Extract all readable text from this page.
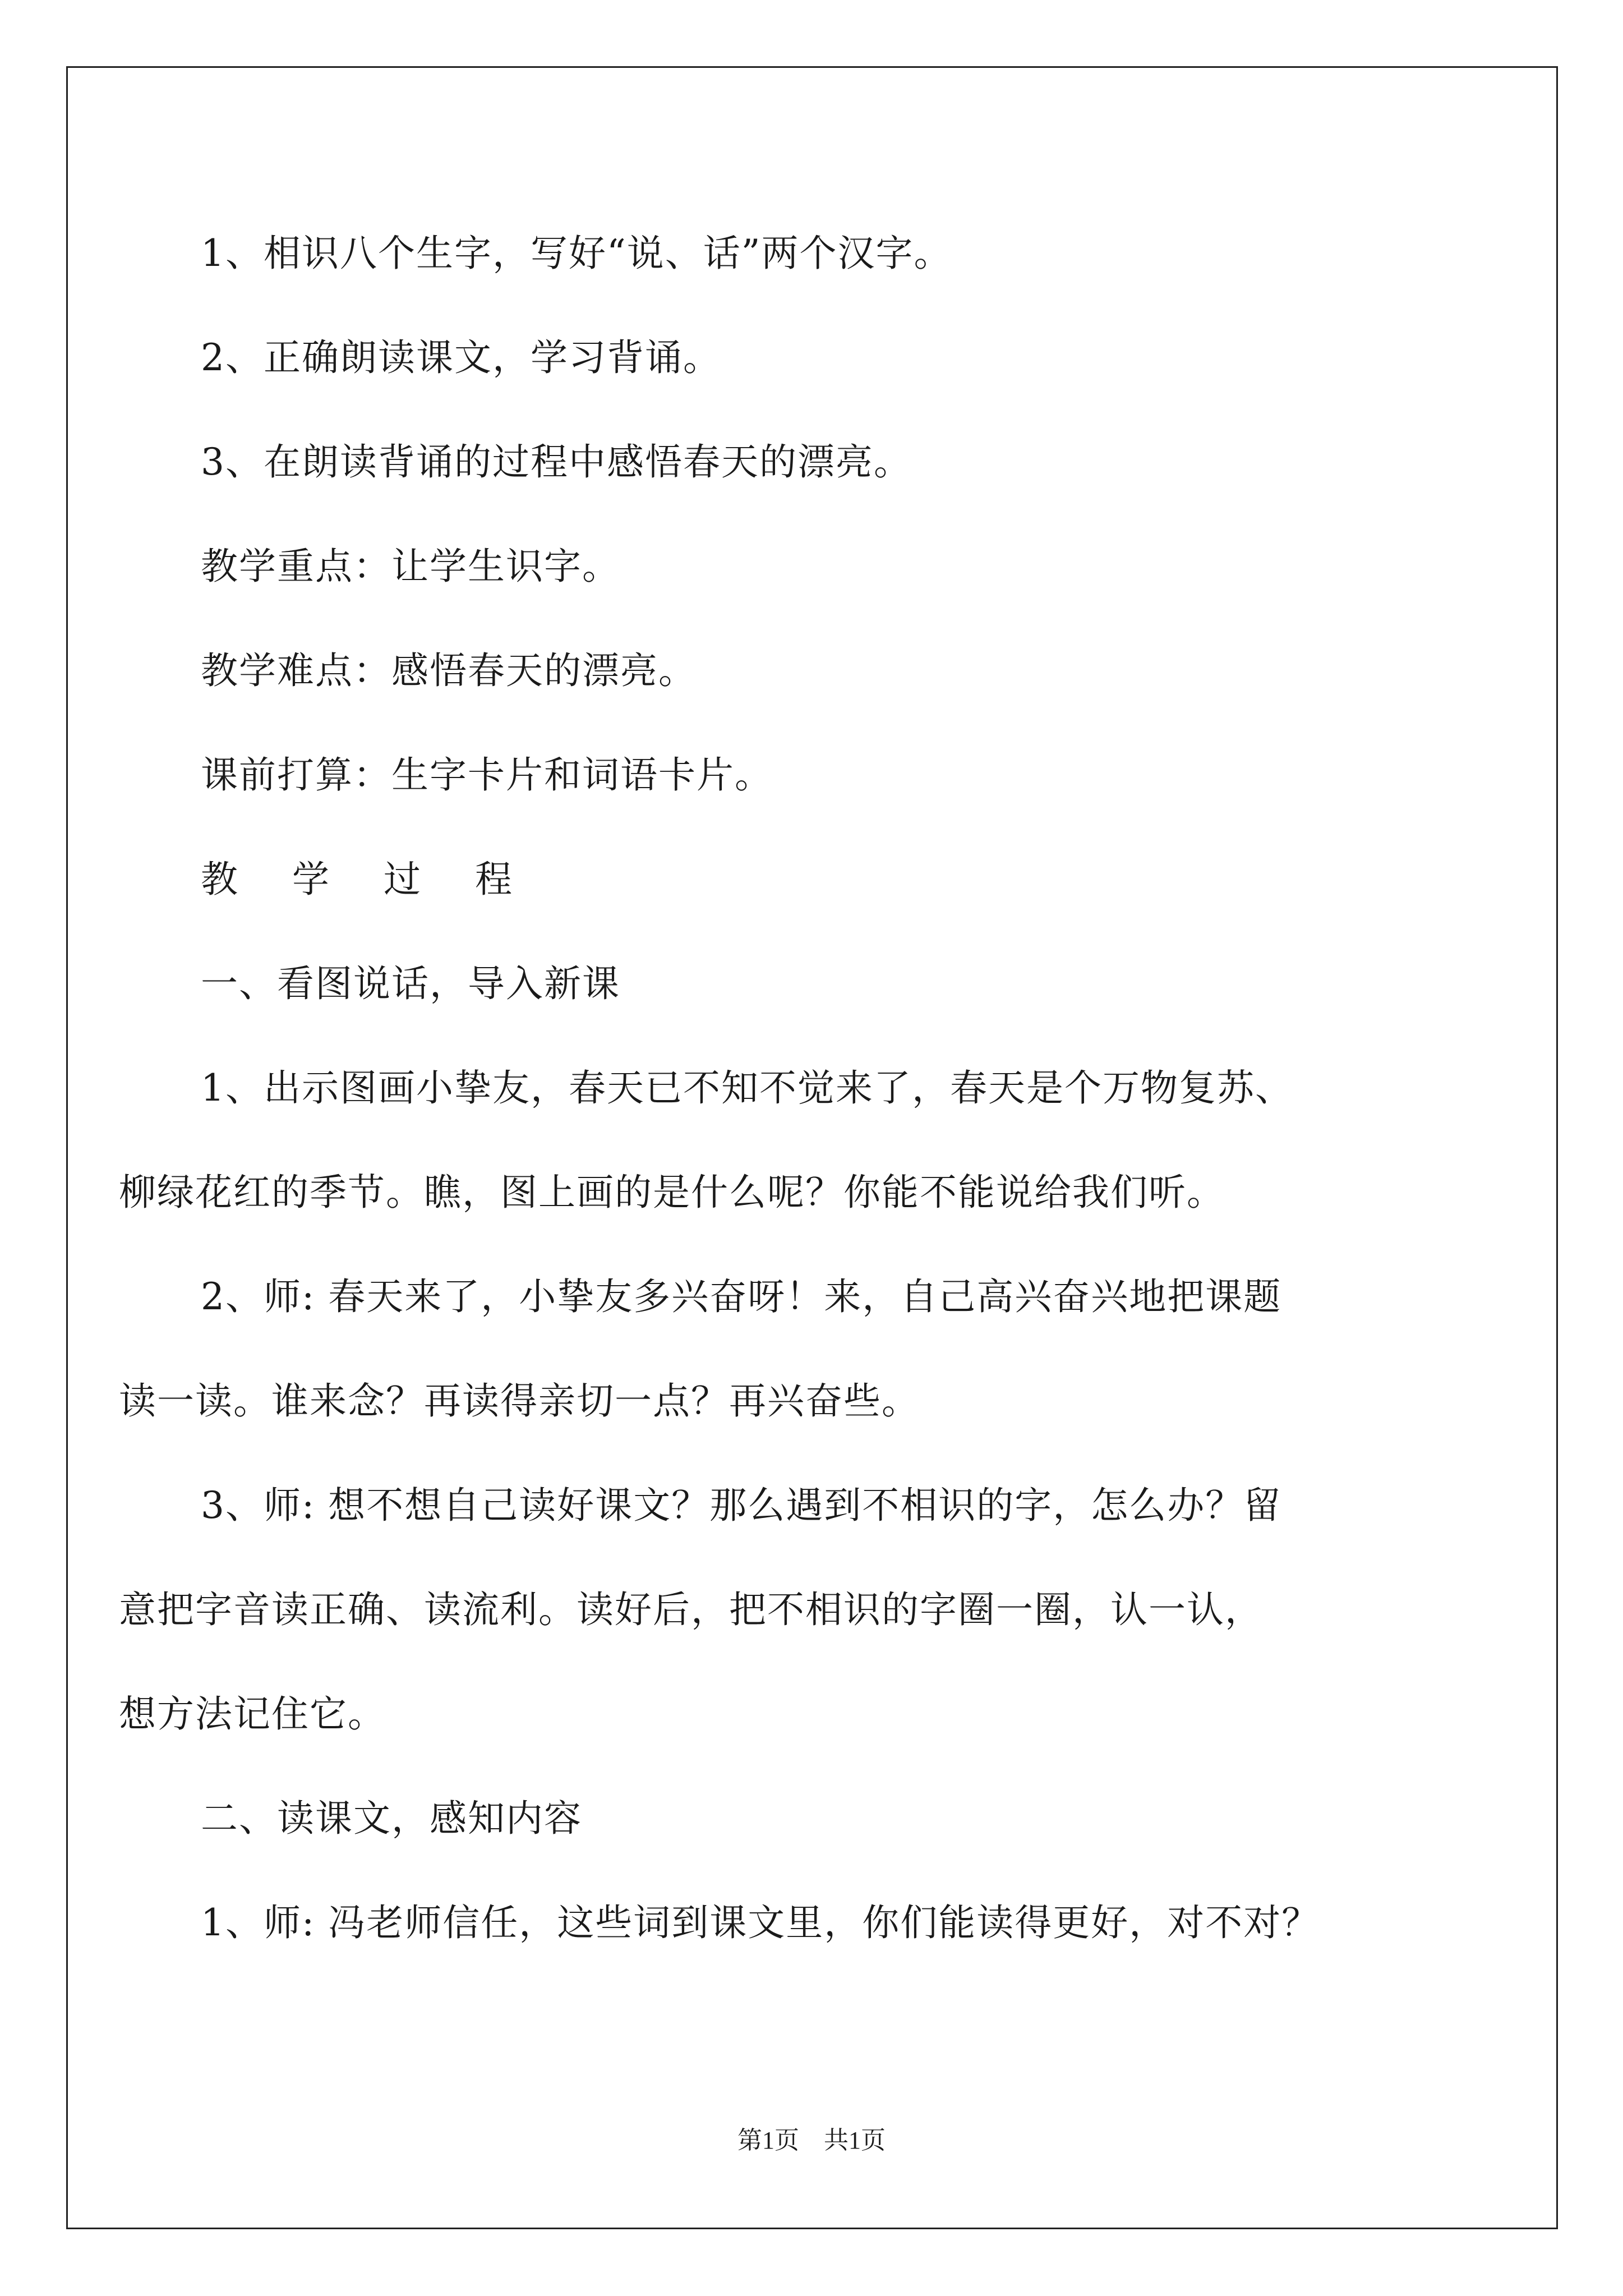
1、相识八个生字，写好“说、话”两个汉字。
2、正确朗读课文，学习背诵。
3、在朗读背诵的过程中感悟春天的漂亮。
教学重点：让学生识字。
教学难点：感悟春天的漂亮。
课前打算：生字卡片和词语卡片。
教 学 过 程
一、看图说话，导入新课
1、出示图画小挚友，春天已不知不觉来了，春天是个万物复苏、
柳绿花红的季节。瞧，图上画的是什么呢？你能不能说给我们听。
2、师: 春天来了，小挚友多兴奋呀！来，自己高兴奋兴地把课题
读一读。谁来念？再读得亲切一点？再兴奋些。
3、师: 想不想自己读好课文？那么遇到不相识的字，怎么办？留
意把字音读正确、读流利。读好后，把不相识的字圈一圈，认一认，
想方法记住它。
二、读课文，感知内容
1、师: 冯老师信任，这些词到课文里，你们能读得更好，对不对？
第1页　共1页
